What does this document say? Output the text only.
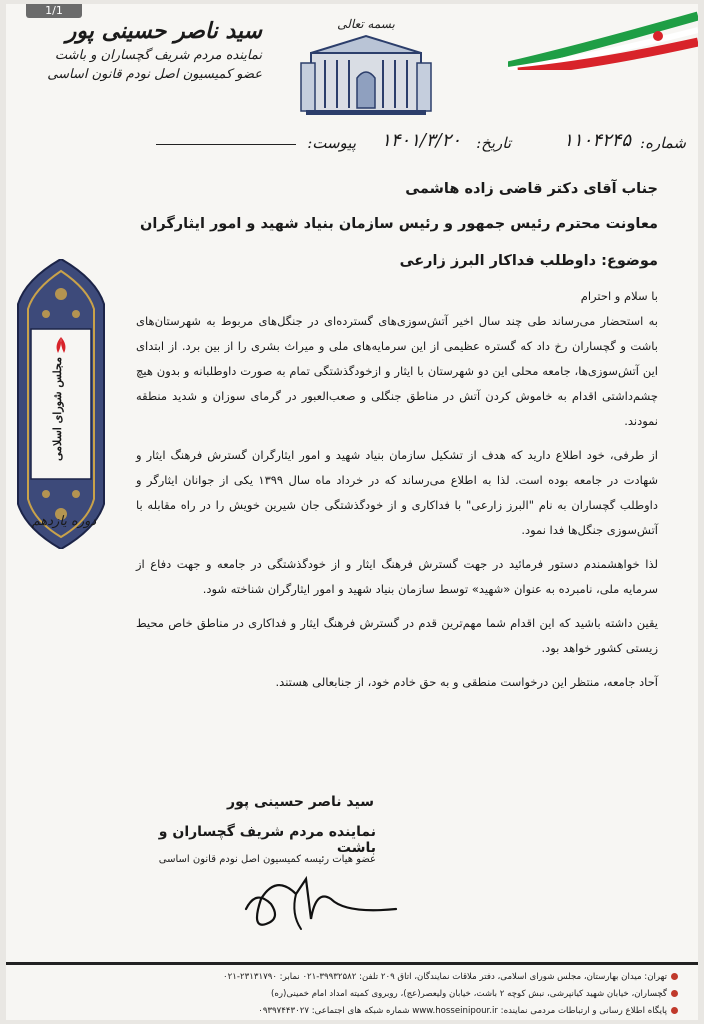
1/1
سید ناصر حسینی پور
نماینده مردم شریف گچساران و باشت
عضو کمیسیون اصل نودم قانون اساسی
بسمه تعالی
شماره:
۱۱۰۴۲۴۵
تاریخ:
۱۴۰۱/۳/۲۰
پیوست:
مجلس شورای اسلامی
دوره یازدهم
جناب آقای دکتر قاضی زاده هاشمی
معاونت محترم رئیس جمهور و رئیس سازمان بنیاد شهید و امور ایثارگران
موضوع: داوطلب فداکار البرز زارعی

با سلام و احترام

به استحضار می‌رساند طی چند سال اخیر آتش‌سوزی‌های گسترده‌ای در جنگل‌های مربوط به شهرستان‌های باشت و گچساران رخ داد که گستره عظیمی از این سرمایه‌های ملی و میراث بشری را از بین برد. از ابتدای این آتش‌سوزی‌ها، جامعه محلی این دو شهرستان با ایثار و ازخودگذشتگی تمام به صورت داوطلبانه و بدون هیچ چشم‌داشتی اقدام به خاموش کردن آتش در مناطق جنگلی و صعب‌العبور در گرمای سوزان و شدید منطقه نمودند.

از طرفی، خود اطلاع دارید که هدف از تشکیل سازمان بنیاد شهید و امور ایثارگران گسترش فرهنگ ایثار و شهادت در جامعه بوده است. لذا به اطلاع می‌رساند که در خرداد ماه سال ۱۳۹۹ یکی از جوانان ایثارگر و داوطلب گچساران به نام "البرز زارعی" با فداکاری و از خودگذشتگی جان شیرین خویش را در راه مقابله با آتش‌سوزی جنگل‌ها فدا نمود.

لذا خواهشمندم دستور فرمائید در جهت گسترش فرهنگ ایثار و از خودگذشتگی در جامعه و جهت دفاع از سرمایه ملی، نامبرده به عنوان «شهید» توسط سازمان بنیاد شهید و امور ایثارگران شناخته شود.

یقین داشته باشید که این اقدام شما مهم‌ترین قدم در گسترش فرهنگ ایثار و فداکاری در مناطق خاص محیط زیستی کشور خواهد بود.

آحاد جامعه، منتظر این درخواست منطقی و به حق خادم خود، از جنابعالی هستند.

سید ناصر حسینی پور
نماینده مردم شریف گچساران و باشت
عضو هیات رئیسه کمیسیون اصل نودم قانون اساسی
تهران: میدان بهارستان، مجلس شورای اسلامی، دفتر ملاقات نمایندگان، اتاق ۲۰۹ تلفن: ۳۹۹۳۲۵۸۲-۰۲۱ نمابر: ۲۳۱۳۱۷۹۰-۰۲۱
گچساران، خیابان شهید کیانپرشی، نبش کوچه ۲ باشت، خیابان ولیعصر(عج)، روبروی کمیته امداد امام خمینی(ره)
پایگاه اطلاع رسانی و ارتباطات مردمی نماینده: www.hosseinipour.ir شماره شبکه های اجتماعی: ۰۹۳۹۷۴۴۳۰۲۷
